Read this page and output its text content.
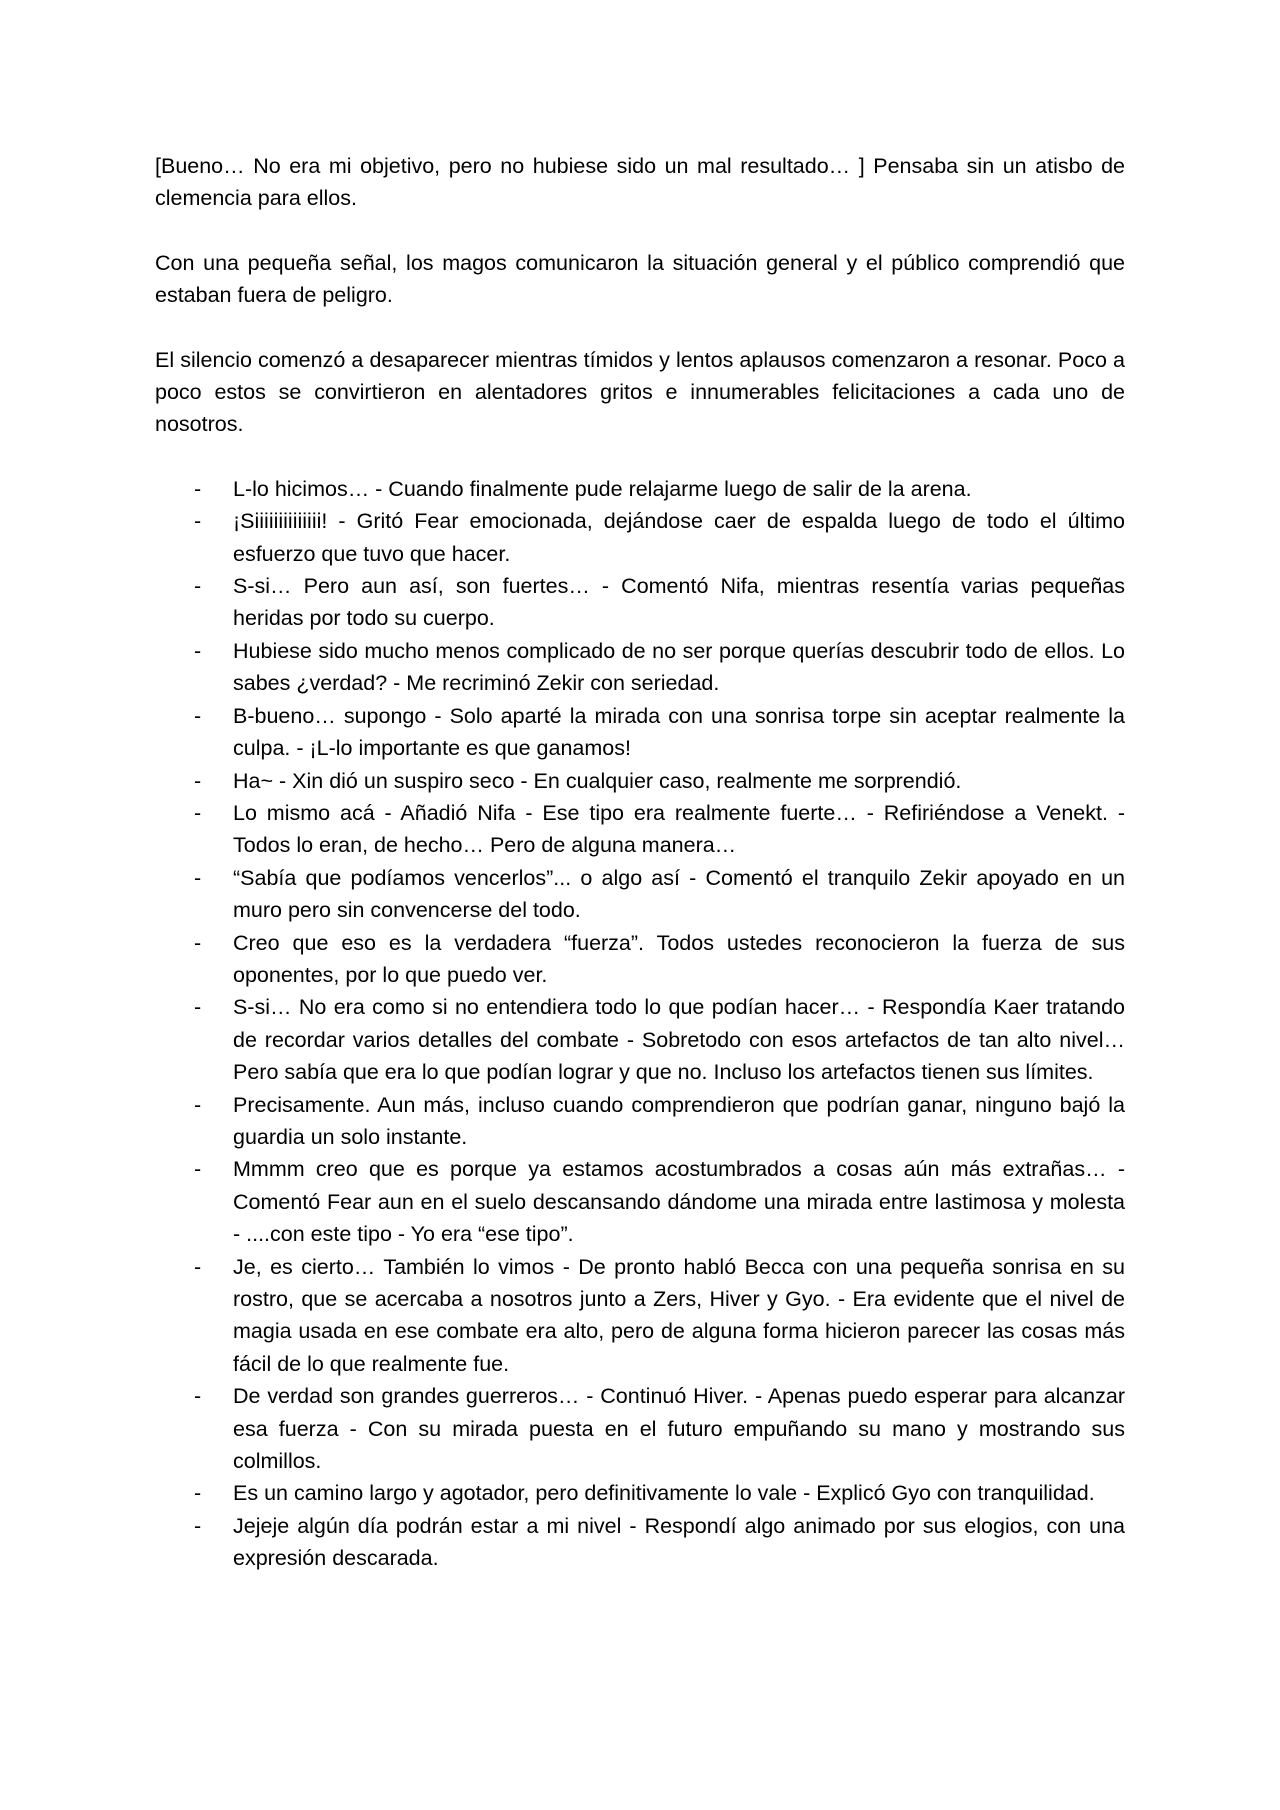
[Bueno… No era mi objetivo, pero no hubiese sido un mal resultado… ] Pensaba sin un atisbo de clemencia para ellos.

Con una pequeña señal, los magos comunicaron la situación general y el público comprendió que estaban fuera de peligro.

El silencio comenzó a desaparecer mientras tímidos y lentos aplausos comenzaron a resonar. Poco a poco estos se convirtieron en alentadores gritos e innumerables felicitaciones a cada uno de nosotros.

- L-lo hicimos… - Cuando finalmente pude relajarme luego de salir de la arena.
- ¡Siiiiiiiiiiiiii! - Gritó Fear emocionada, dejándose caer de espalda luego de todo el último esfuerzo que tuvo que hacer.
- S-si… Pero aun así, son fuertes… - Comentó Nifa, mientras resentía varias pequeñas heridas por todo su cuerpo.
- Hubiese sido mucho menos complicado de no ser porque querías descubrir todo de ellos. Lo sabes ¿verdad? - Me recriminó Zekir con seriedad.
- B-bueno… supongo - Solo aparté la mirada con una sonrisa torpe sin aceptar realmente la culpa. - ¡L-lo importante es que ganamos!
- Ha~ - Xin dió un suspiro seco - En cualquier caso, realmente me sorprendió.
- Lo mismo acá - Añadió Nifa - Ese tipo era realmente fuerte… - Refiriéndose a Venekt. - Todos lo eran, de hecho… Pero de alguna manera…
- “Sabía que podíamos vencerlos”... o algo así - Comentó el tranquilo Zekir apoyado en un muro pero sin convencerse del todo.
- Creo que eso es la verdadera “fuerza”. Todos ustedes reconocieron la fuerza de sus oponentes, por lo que puedo ver.
- S-si… No era como si no entendiera todo lo que podían hacer… - Respondía Kaer tratando de recordar varios detalles del combate - Sobretodo con esos artefactos de tan alto nivel… Pero sabía que era lo que podían lograr y que no. Incluso los artefactos tienen sus límites.
- Precisamente. Aun más, incluso cuando comprendieron que podrían ganar, ninguno bajó la guardia un solo instante.
- Mmmm creo que es porque ya estamos acostumbrados a cosas aún más extrañas… - Comentó Fear aun en el suelo descansando dándome una mirada entre lastimosa y molesta - ....con este tipo - Yo era “ese tipo”.
- Je, es cierto… También lo vimos - De pronto habló Becca con una pequeña sonrisa en su rostro, que se acercaba a nosotros junto a Zers, Hiver y Gyo. - Era evidente que el nivel de magia usada en ese combate era alto, pero de alguna forma hicieron parecer las cosas más fácil de lo que realmente fue.
- De verdad son grandes guerreros… - Continuó Hiver. - Apenas puedo esperar para alcanzar esa fuerza - Con su mirada puesta en el futuro empuñando su mano y mostrando sus colmillos.
- Es un camino largo y agotador, pero definitivamente lo vale - Explicó Gyo con tranquilidad.
- Jejeje algún día podrán estar a mi nivel - Respondí algo animado por sus elogios, con una expresión descarada.
